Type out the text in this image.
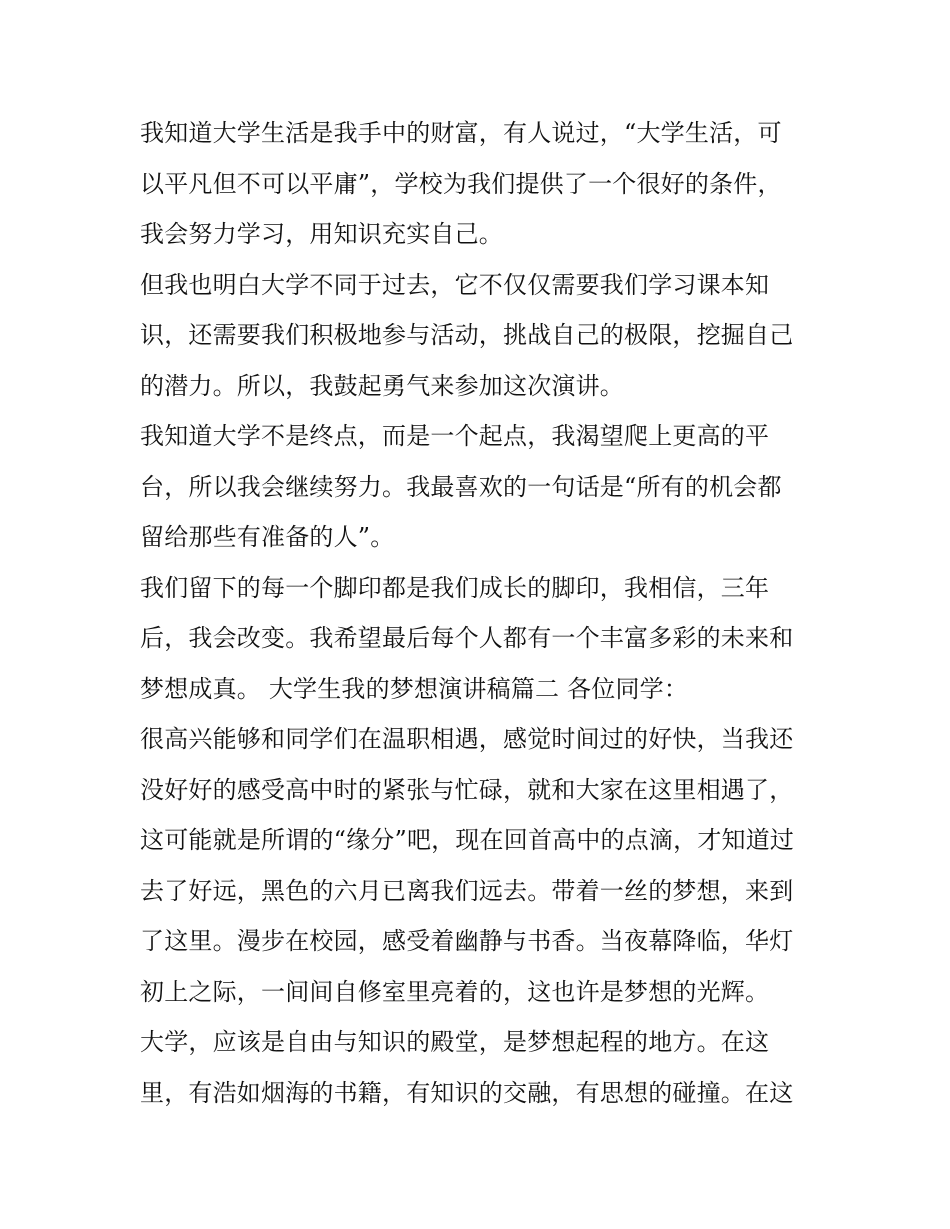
我知道大学生活是我手中的财富，有人说过，“大学生活，可
以平凡但不可以平庸”，学校为我们提供了一个很好的条件，
我会努力学习，用知识充实自己。
但我也明白大学不同于过去，它不仅仅需要我们学习课本知
识，还需要我们积极地参与活动，挑战自己的极限，挖掘自己
的潜力。所以，我鼓起勇气来参加这次演讲。
我知道大学不是终点，而是一个起点，我渴望爬上更高的平
台，所以我会继续努力。我最喜欢的一句话是“所有的机会都
留给那些有准备的人”。
我们留下的每一个脚印都是我们成长的脚印，我相信，三年
后，我会改变。我希望最后每个人都有一个丰富多彩的未来和
梦想成真。 大学生我的梦想演讲稿篇二 各位同学：
很高兴能够和同学们在温职相遇，感觉时间过的好快，当我还
没好好的感受高中时的紧张与忙碌，就和大家在这里相遇了，
这可能就是所谓的“缘分”吧，现在回首高中的点滴，才知道过
去了好远，黑色的六月已离我们远去。带着一丝的梦想，来到
了这里。漫步在校园，感受着幽静与书香。当夜幕降临，华灯
初上之际，一间间自修室里亮着的，这也许是梦想的光辉。
大学，应该是自由与知识的殿堂，是梦想起程的地方。在这
里，有浩如烟海的书籍，有知识的交融，有思想的碰撞。在这
